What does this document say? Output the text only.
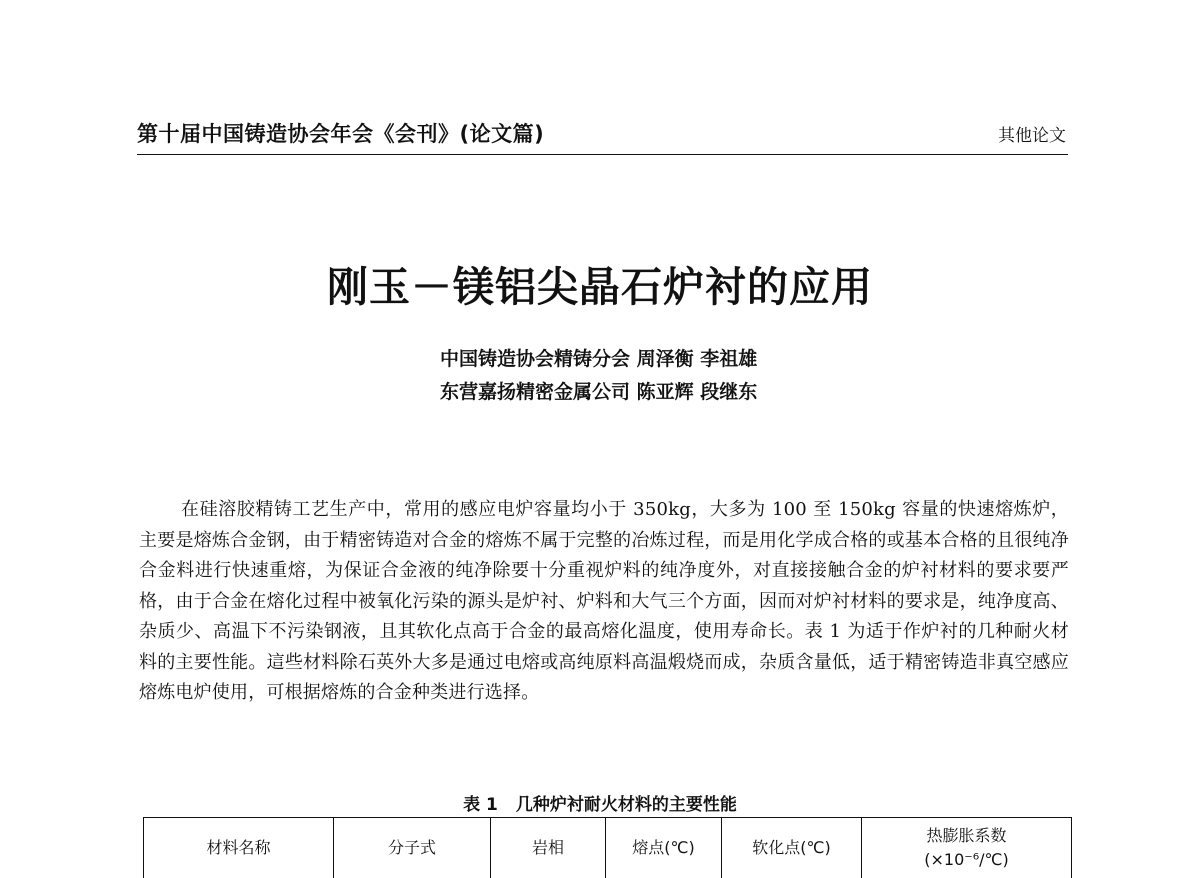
第十届中国铸造协会年会《会刊》(论文篇)	其他论文
刚玉－镁铝尖晶石炉衬的应用
中国铸造协会精铸分会 周泽衡 李祖雄
东营嘉扬精密金属公司 陈亚辉 段继东

在硅溶胶精铸工艺生产中，常用的感应电炉容量均小于 350kg，大多为 100 至 150kg 容量的快速熔炼炉，主要是熔炼合金钢，由于精密铸造对合金的熔炼不属于完整的冶炼过程，而是用化学成合格的或基本合格的且很纯净合金料进行快速重熔，为保证合金液的纯净除要十分重视炉料的纯净度外，对直接接触合金的炉衬材料的要求要严格，由于合金在熔化过程中被氧化污染的源头是炉衬、炉料和大气三个方面，因而对炉衬材料的要求是，纯净度高、杂质少、高温下不污染钢液，且其软化点高于合金的最高熔化温度，使用寿命长。表 1 为适于作炉衬的几种耐火材料的主要性能。這些材料除石英外大多是通过电熔或高纯原料高温煅烧而成，杂质含量低，适于精密铸造非真空感应熔炼电炉使用，可根据熔炼的合金种类进行选择。

表 1 几种炉衬耐火材料的主要性能
材料名称	分子式	岩相	熔点(℃)	软化点(℃)	
热膨胀系数
(×10⁻⁶/℃)
